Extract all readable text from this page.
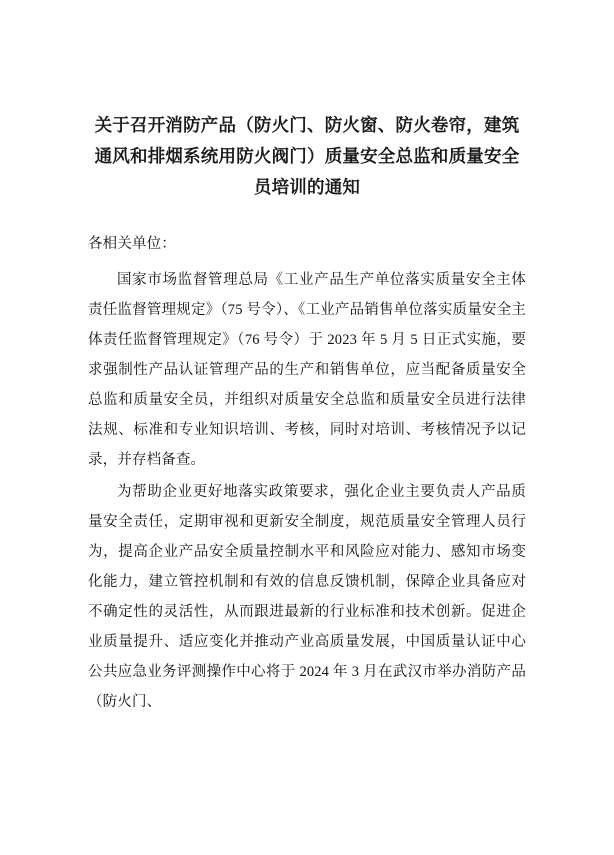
关于召开消防产品（防火门、防火窗、防火卷帘，建筑通风和排烟系统用防火阀门）质量安全总监和质量安全员培训的通知

各相关单位：

国家市场监督管理总局《工业产品生产单位落实质量安全主体责任监督管理规定》（75 号令）、《工业产品销售单位落实质量安全主体责任监督管理规定》（76 号令）于 2023 年 5 月 5 日正式实施，要求强制性产品认证管理产品的生产和销售单位，应当配备质量安全总监和质量安全员，并组织对质量安全总监和质量安全员进行法律法规、标准和专业知识培训、考核，同时对培训、考核情况予以记录，并存档备查。

为帮助企业更好地落实政策要求，强化企业主要负责人产品质量安全责任，定期审视和更新安全制度，规范质量安全管理人员行为，提高企业产品安全质量控制水平和风险应对能力、感知市场变化能力，建立管控机制和有效的信息反馈机制，保障企业具备应对不确定性的灵活性，从而跟进最新的行业标准和技术创新。促进企业质量提升、适应变化并推动产业高质量发展，中国质量认证中心公共应急业务评测操作中心将于 2024 年 3 月在武汉市举办消防产品（防火门、
